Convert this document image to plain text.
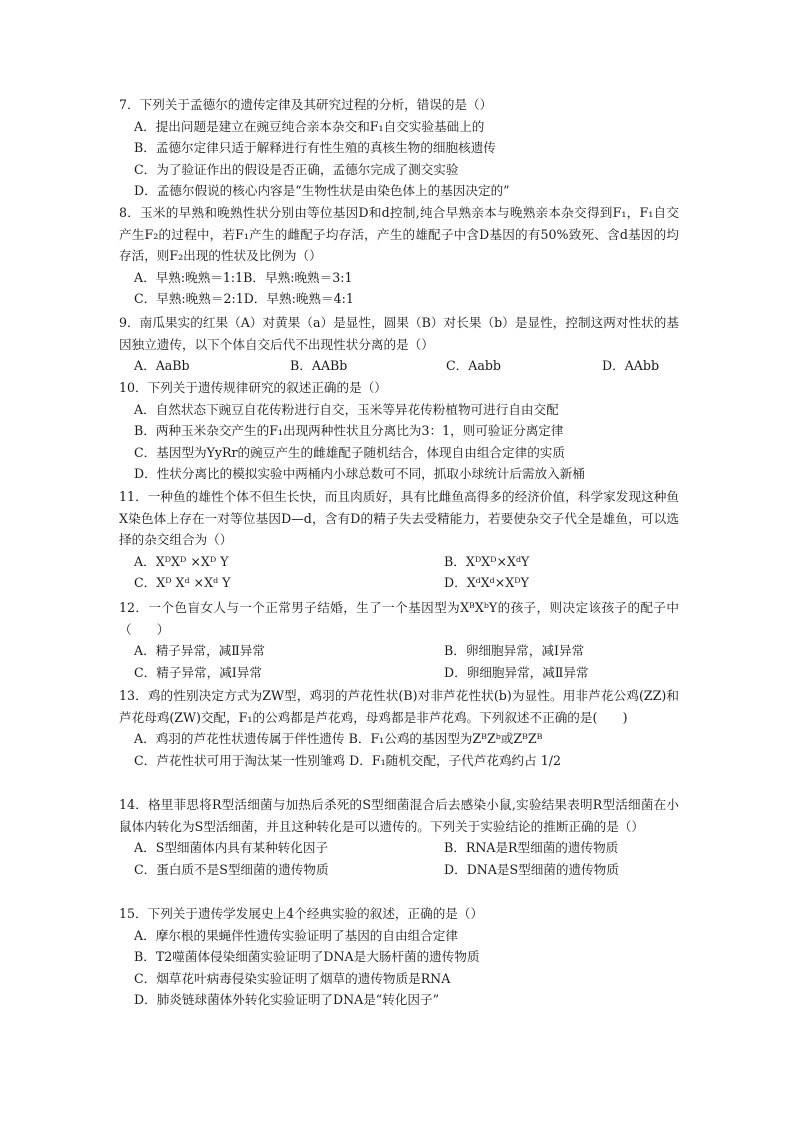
7．下列关于孟德尔的遗传定律及其研究过程的分析，错误的是（）

A．提出问题是建立在豌豆纯合亲本杂交和F₁自交实验基础上的

B．孟德尔定律只适于解释进行有性生殖的真核生物的细胞核遗传

C．为了验证作出的假设是否正确，孟德尔完成了测交实验

D．孟德尔假说的核心内容是“生物性状是由染色体上的基因决定的”

8．玉米的早熟和晚熟性状分别由等位基因D和d控制,纯合早熟亲本与晚熟亲本杂交得到F₁，F₁自交产生F₂的过程中，若F₁产生的雌配子均存活，产生的雄配子中含D基因的有50%致死、含d基因的均存活，则F₂出现的性状及比例为（）

A．早熟:晚熟＝1:1B．早熟:晚熟＝3:1

C．早熟:晚熟＝2:1D．早熟:晚熟＝4:1

9．南瓜果实的红果（A）对黄果（a）是显性，圆果（B）对长果（b）是显性，控制这两对性状的基因独立遗传，以下个体自交后代不出现性状分离的是（）

A．AaBb	B．AABb	C．Aabb	D．AAbb

10．下列关于遗传规律研究的叙述正确的是（）

A．自然状态下豌豆自花传粉进行自交，玉米等异花传粉植物可进行自由交配

B．两种玉米杂交产生的F₁出现两种性状且分离比为3：1，则可验证分离定律

C．基因型为YyRr的豌豆产生的雌雄配子随机结合，体现自由组合定律的实质

D．性状分离比的模拟实验中两桶内小球总数可不同，抓取小球统计后需放入新桶

11．一种鱼的雄性个体不但生长快，而且肉质好，具有比雌鱼高得多的经济价值，科学家发现这种鱼X染色体上存在一对等位基因D—d，含有D的精子失去受精能力，若要使杂交子代全是雄鱼，可以选择的杂交组合为（）

A．XᴰXᴰ ×Xᴰ Y	B．XᴰXᴰ×XᵈY
C．Xᴰ Xᵈ ×Xᵈ Y	D．XᵈXᵈ×XᴰY

12．一个色盲女人与一个正常男子结婚，生了一个基因型为XᴮXᵇY的孩子，则决定该孩子的配子中（　　）

A．精子异常，减Ⅱ异常	B．卵细胞异常，减Ⅰ异常
C．精子异常，减Ⅰ异常	D．卵细胞异常，减Ⅱ异常

13．鸡的性别决定方式为ZW型，鸡羽的芦花性状(B)对非芦花性状(b)为显性。用非芦花公鸡(ZZ)和芦花母鸡(ZW)交配，F₁的公鸡都是芦花鸡，母鸡都是非芦花鸡。下列叙述不正确的是(　　)

A．鸡羽的芦花性状遗传属于伴性遗传 B．F₁公鸡的基因型为ZᴮZᵇ或ZᴮZᴮ

C．芦花性状可用于淘汰某一性别雏鸡 D．F₁随机交配，子代芦花鸡约占 1/2

14．格里菲思将R型活细菌与加热后杀死的S型细菌混合后去感染小鼠,实验结果表明R型活细菌在小鼠体内转化为S型活细菌，并且这种转化是可以遗传的。下列关于实验结论的推断正确的是（）

A．S型细菌体内具有某种转化因子	B．RNA是R型细菌的遗传物质
C．蛋白质不是S型细菌的遗传物质	D．DNA是S型细菌的遗传物质

15．下列关于遗传学发展史上4个经典实验的叙述，正确的是（）

A．摩尔根的果蝇伴性遗传实验证明了基因的自由组合定律

B．T2噬菌体侵染细菌实验证明了DNA是大肠杆菌的遗传物质

C．烟草花叶病毒侵染实验证明了烟草的遗传物质是RNA

D．肺炎链球菌体外转化实验证明了DNA是“转化因子”
